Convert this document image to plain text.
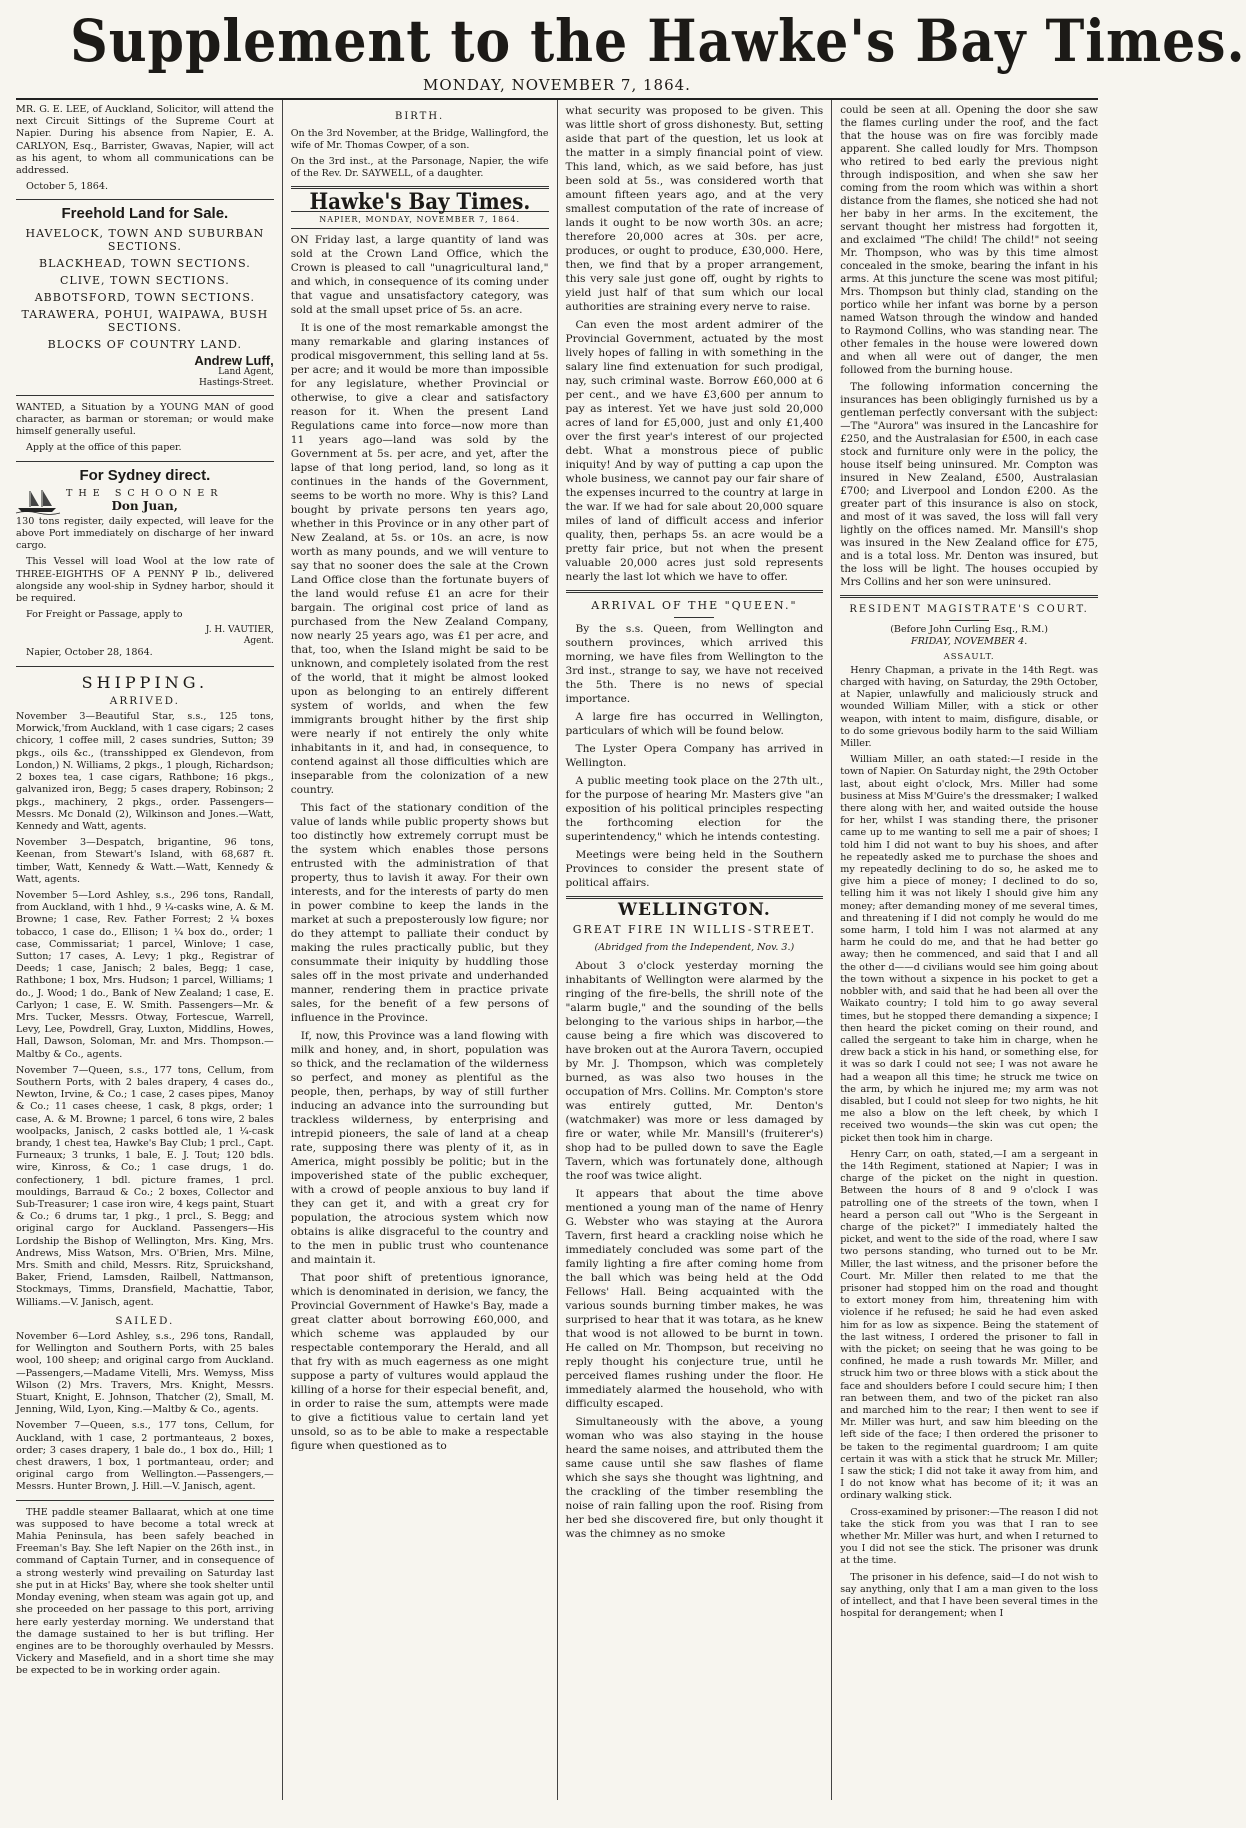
Supplement to the Hawke's Bay Times.
MONDAY, NOVEMBER 7, 1864.

MR. G. E. LEE, of Auckland, Solicitor, will attend the next Circuit Sittings of the Supreme Court at Napier. During his absence from Napier, E. A. CARLYON, Esq., Barrister, Gwavas, Napier, will act as his agent, to whom all communications can be addressed.

October 5, 1864.

Freehold Land for Sale.
HAVELOCK, TOWN AND SUBURBAN SECTIONS.
BLACKHEAD, TOWN SECTIONS.
CLIVE, TOWN SECTIONS.
ABBOTSFORD, TOWN SECTIONS.
TARAWERA, POHUI, WAIPAWA, BUSH SECTIONS.
BLOCKS OF COUNTRY LAND.
Andrew Luff,
Land Agent,
Hastings-Street.

WANTED, a Situation by a YOUNG MAN of good character, as barman or storeman; or would make himself generally useful.

Apply at the office of this paper.

For Sydney direct.
THE SCHOONER
Don Juan,

130 tons register, daily expected, will leave for the above Port immediately on discharge of her inward cargo.

This Vessel will load Wool at the low rate of THREE-EIGHTHS OF A PENNY ₽ lb., delivered alongside any wool-ship in Sydney harbor, should it be required.

For Freight or Passage, apply to

J. H. VAUTIER,
Agent.

Napier, October 28, 1864.

SHIPPING.
ARRIVED.

November 3—Beautiful Star, s.s., 125 tons, Morwick,'from Auckland, with 1 case cigars; 2 cases chicory, 1 coffee mill, 2 cases sundries, Sutton; 39 pkgs., oils &c., (transshipped ex Glendevon, from London,) N. Williams, 2 pkgs., 1 plough, Richardson; 2 boxes tea, 1 case cigars, Rathbone; 16 pkgs., galvanized iron, Begg; 5 cases drapery, Robinson; 2 pkgs., machinery, 2 pkgs., order. Passengers—Messrs. Mc Donald (2), Wilkinson and Jones.—Watt, Kennedy and Watt, agents.

November 3—Despatch, brigantine, 96 tons, Keenan, from Stewart's Island, with 68,687 ft. timber, Watt, Kennedy & Watt.—Watt, Kennedy & Watt, agents.

November 5—Lord Ashley, s.s., 296 tons, Randall, from Auckland, with 1 hhd., 9 ¼-casks wine, A. & M. Browne; 1 case, Rev. Father Forrest; 2 ¼ boxes tobacco, 1 case do., Ellison; 1 ¼ box do., order; 1 case, Commissariat; 1 parcel, Winlove; 1 case, Sutton; 17 cases, A. Levy; 1 pkg., Registrar of Deeds; 1 case, Janisch; 2 bales, Begg; 1 case, Rathbone; 1 box, Mrs. Hudson; 1 parcel, Williams; 1 do., J. Wood; 1 do., Bank of New Zealand; 1 case, E. Carlyon; 1 case, E. W. Smith. Passengers—Mr. & Mrs. Tucker, Messrs. Otway, Fortescue, Warrell, Levy, Lee, Powdrell, Gray, Luxton, Middlins, Howes, Hall, Dawson, Soloman, Mr. and Mrs. Thompson.—Maltby & Co., agents.

November 7—Queen, s.s., 177 tons, Cellum, from Southern Ports, with 2 bales drapery, 4 cases do., Newton, Irvine, & Co.; 1 case, 2 cases pipes, Manoy & Co.; 11 cases cheese, 1 cask, 8 pkgs, order; 1 case, A. & M. Browne; 1 parcel, 6 tons wire, 2 bales woolpacks, Janisch, 2 casks bottled ale, 1 ¼-cask brandy, 1 chest tea, Hawke's Bay Club; 1 prcl., Capt. Furneaux; 3 trunks, 1 bale, E. J. Tout; 120 bdls. wire, Kinross, & Co.; 1 case drugs, 1 do. confectionery, 1 bdl. picture frames, 1 prcl. mouldings, Barraud & Co.; 2 boxes, Collector and Sub-Treasurer; 1 case iron wire, 4 kegs paint, Stuart & Co.; 6 drums tar, 1 pkg., 1 prcl., S. Begg; and original cargo for Auckland. Passengers—His Lordship the Bishop of Wellington, Mrs. King, Mrs. Andrews, Miss Watson, Mrs. O'Brien, Mrs. Milne, Mrs. Smith and child, Messrs. Ritz, Spruickshand, Baker, Friend, Lamsden, Railbell, Nattmanson, Stockmays, Timms, Dransfield, Machattie, Tabor, Williams.—V. Janisch, agent.

SAILED.

November 6—Lord Ashley, s.s., 296 tons, Randall, for Wellington and Southern Ports, with 25 bales wool, 100 sheep; and original cargo from Auckland.—Passengers,—Madame Vitelli, Mrs. Wemyss, Miss Wilson (2) Mrs. Travers, Mrs. Knight, Messrs. Stuart, Knight, E. Johnson, Thatcher (2), Small, M. Jenning, Wild, Lyon, King.—Maltby & Co., agents.

November 7—Queen, s.s., 177 tons, Cellum, for Auckland, with 1 case, 2 portmanteaus, 2 boxes, order; 3 cases drapery, 1 bale do., 1 box do., Hill; 1 chest drawers, 1 box, 1 portmanteau, order; and original cargo from Wellington.—Passengers,—Messrs. Hunter Brown, J. Hill.—V. Janisch, agent.

THE paddle steamer Ballaarat, which at one time was supposed to have become a total wreck at Mahia Peninsula, has been safely beached in Freeman's Bay. She left Napier on the 26th inst., in command of Captain Turner, and in consequence of a strong westerly wind prevailing on Saturday last she put in at Hicks' Bay, where she took shelter until Monday evening, when steam was again got up, and she proceeded on her passage to this port, arriving here early yesterday morning. We understand that the damage sustained to her is but trifling. Her engines are to be thoroughly overhauled by Messrs. Vickery and Masefield, and in a short time she may be expected to be in working order again.

BIRTH.

On the 3rd November, at the Bridge, Wallingford, the wife of Mr. Thomas Cowper, of a son.

On the 3rd inst., at the Parsonage, Napier, the wife of the Rev. Dr. SAYWELL, of a daughter.

Hawke's Bay Times.
NAPIER, MONDAY, NOVEMBER 7, 1864.

ON Friday last, a large quantity of land was sold at the Crown Land Office, which the Crown is pleased to call "unagricultural land," and which, in consequence of its coming under that vague and unsatisfactory category, was sold at the small upset price of 5s. an acre.

It is one of the most remarkable amongst the many remarkable and glaring instances of prodical misgovernment, this selling land at 5s. per acre; and it would be more than impossible for any legislature, whether Provincial or otherwise, to give a clear and satisfactory reason for it. When the present Land Regulations came into force—now more than 11 years ago—land was sold by the Government at 5s. per acre, and yet, after the lapse of that long period, land, so long as it continues in the hands of the Government, seems to be worth no more. Why is this? Land bought by private persons ten years ago, whether in this Province or in any other part of New Zealand, at 5s. or 10s. an acre, is now worth as many pounds, and we will venture to say that no sooner does the sale at the Crown Land Office close than the fortunate buyers of the land would refuse £1 an acre for their bargain. The original cost price of land as purchased from the New Zealand Company, now nearly 25 years ago, was £1 per acre, and that, too, when the Island might be said to be unknown, and completely isolated from the rest of the world, that it might be almost looked upon as belonging to an entirely different system of worlds, and when the few immigrants brought hither by the first ship were nearly if not entirely the only white inhabitants in it, and had, in consequence, to contend against all those difficulties which are inseparable from the colonization of a new country.

This fact of the stationary condition of the value of lands while public property shows but too distinctly how extremely corrupt must be the system which enables those persons entrusted with the administration of that property, thus to lavish it away. For their own interests, and for the interests of party do men in power combine to keep the lands in the market at such a preposterously low figure; nor do they attempt to palliate their conduct by making the rules practically public, but they consummate their iniquity by huddling those sales off in the most private and underhanded manner, rendering them in practice private sales, for the benefit of a few persons of influence in the Province.

If, now, this Province was a land flowing with milk and honey, and, in short, population was so thick, and the reclamation of the wilderness so perfect, and money as plentiful as the people, then, perhaps, by way of still further inducing an advance into the surrounding but trackless wilderness, by enterprising and intrepid pioneers, the sale of land at a cheap rate, supposing there was plenty of it, as in America, might possibly be politic; but in the impoverished state of the public exchequer, with a crowd of people anxious to buy land if they can get it, and with a great cry for population, the atrocious system which now obtains is alike disgraceful to the country and to the men in public trust who countenance and maintain it.

That poor shift of pretentious ignorance, which is denominated in derision, we fancy, the Provincial Government of Hawke's Bay, made a great clatter about borrowing £60,000, and which scheme was applauded by our respectable contemporary the Herald, and all that fry with as much eagerness as one might suppose a party of vultures would applaud the killing of a horse for their especial benefit, and, in order to raise the sum, attempts were made to give a fictitious value to certain land yet unsold, so as to be able to make a respectable figure when questioned as to

what security was proposed to be given. This was little short of gross dishonesty. But, setting aside that part of the question, let us look at the matter in a simply financial point of view. This land, which, as we said before, has just been sold at 5s., was considered worth that amount fifteen years ago, and at the very smallest computation of the rate of increase of lands it ought to be now worth 30s. an acre; therefore 20,000 acres at 30s. per acre, produces, or ought to produce, £30,000. Here, then, we find that by a proper arrangement, this very sale just gone off, ought by rights to yield just half of that sum which our local authorities are straining every nerve to raise.

Can even the most ardent admirer of the Provincial Government, actuated by the most lively hopes of falling in with something in the salary line find extenuation for such prodigal, nay, such criminal waste. Borrow £60,000 at 6 per cent., and we have £3,600 per annum to pay as interest. Yet we have just sold 20,000 acres of land for £5,000, just and only £1,400 over the first year's interest of our projected debt. What a monstrous piece of public iniquity! And by way of putting a cap upon the whole business, we cannot pay our fair share of the expenses incurred to the country at large in the war. If we had for sale about 20,000 square miles of land of difficult access and inferior quality, then, perhaps 5s. an acre would be a pretty fair price, but not when the present valuable 20,000 acres just sold represents nearly the last lot which we have to offer.

ARRIVAL OF THE "QUEEN."

By the s.s. Queen, from Wellington and southern provinces, which arrived this morning, we have files from Wellington to the 3rd inst., strange to say, we have not received the 5th. There is no news of special importance.

A large fire has occurred in Wellington, particulars of which will be found below.

The Lyster Opera Company has arrived in Wellington.

A public meeting took place on the 27th ult., for the purpose of hearing Mr. Masters give "an exposition of his political principles respecting the forthcoming election for the superintendency," which he intends contesting.

Meetings were being held in the Southern Provinces to consider the present state of political affairs.

WELLINGTON.
GREAT FIRE IN WILLIS-STREET.
(Abridged from the Independent, Nov. 3.)

About 3 o'clock yesterday morning the inhabitants of Wellington were alarmed by the ringing of the fire-bells, the shrill note of the "alarm bugle," and the sounding of the bells belonging to the various ships in harbor,—the cause being a fire which was discovered to have broken out at the Aurora Tavern, occupied by Mr. J. Thompson, which was completely burned, as was also two houses in the occupation of Mrs. Collins. Mr. Compton's store was entirely gutted, Mr. Denton's (watchmaker) was more or less damaged by fire or water, while Mr. Mansill's (fruiterer's) shop had to be pulled down to save the Eagle Tavern, which was fortunately done, although the roof was twice alight.

It appears that about the time above mentioned a young man of the name of Henry G. Webster who was staying at the Aurora Tavern, first heard a crackling noise which he immediately concluded was some part of the family lighting a fire after coming home from the ball which was being held at the Odd Fellows' Hall. Being acquainted with the various sounds burning timber makes, he was surprised to hear that it was totara, as he knew that wood is not allowed to be burnt in town. He called on Mr. Thompson, but receiving no reply thought his conjecture true, until he perceived flames rushing under the floor. He immediately alarmed the household, who with difficulty escaped.

Simultaneously with the above, a young woman who was also staying in the house heard the same noises, and attributed them the same cause until she saw flashes of flame which she says she thought was lightning, and the crackling of the timber resembling the noise of rain falling upon the roof. Rising from her bed she discovered fire, but only thought it was the chimney as no smoke

could be seen at all. Opening the door she saw the flames curling under the roof, and the fact that the house was on fire was forcibly made apparent. She called loudly for Mrs. Thompson who retired to bed early the previous night through indisposition, and when she saw her coming from the room which was within a short distance from the flames, she noticed she had not her baby in her arms. In the excitement, the servant thought her mistress had forgotten it, and exclaimed "The child! The child!" not seeing Mr. Thompson, who was by this time almost concealed in the smoke, bearing the infant in his arms. At this juncture the scene was most pitiful; Mrs. Thompson but thinly clad, standing on the portico while her infant was borne by a person named Watson through the window and handed to Raymond Collins, who was standing near. The other females in the house were lowered down and when all were out of danger, the men followed from the burning house.

The following information concerning the insurances has been obligingly furnished us by a gentleman perfectly conversant with the subject:—The "Aurora" was insured in the Lancashire for £250, and the Australasian for £500, in each case stock and furniture only were in the policy, the house itself being uninsured. Mr. Compton was insured in New Zealand, £500, Australasian £700; and Liverpool and London £200. As the greater part of this insurance is also on stock, and most of it was saved, the loss will fall very lightly on the offices named. Mr. Mansill's shop was insured in the New Zealand office for £75, and is a total loss. Mr. Denton was insured, but the loss will be light. The houses occupied by Mrs Collins and her son were uninsured.

RESIDENT MAGISTRATE'S COURT.
(Before John Curling Esq., R.M.)
FRIDAY, NOVEMBER 4.
ASSAULT.

Henry Chapman, a private in the 14th Regt. was charged with having, on Saturday, the 29th October, at Napier, unlawfully and maliciously struck and wounded William Miller, with a stick or other weapon, with intent to maim, disfigure, disable, or to do some grievous bodily harm to the said William Miller.

William Miller, an oath stated:—I reside in the town of Napier. On Saturday night, the 29th October last, about eight o'clock, Mrs. Miller had some business at Miss M'Guire's the dressmaker; I walked there along with her, and waited outside the house for her, whilst I was standing there, the prisoner came up to me wanting to sell me a pair of shoes; I told him I did not want to buy his shoes, and after he repeatedly asked me to purchase the shoes and my repeatedly declining to do so, he asked me to give him a piece of money; I declined to do so, telling him it was not likely I should give him any money; after demanding money of me several times, and threatening if I did not comply he would do me some harm, I told him I was not alarmed at any harm he could do me, and that he had better go away; then he commenced, and said that I and all the other d——d civilians would see him going about the town without a sixpence in his pocket to get a nobbler with, and said that he had been all over the Waikato country; I told him to go away several times, but he stopped there demanding a sixpence; I then heard the picket coming on their round, and called the sergeant to take him in charge, when he drew back a stick in his hand, or something else, for it was so dark I could not see; I was not aware he had a weapon all this time; he struck me twice on the arm, by which he injured me; my arm was not disabled, but I could not sleep for two nights, he hit me also a blow on the left cheek, by which I received two wounds—the skin was cut open; the picket then took him in charge.

Henry Carr, on oath, stated,—I am a sergeant in the 14th Regiment, stationed at Napier; I was in charge of the picket on the night in question. Between the hours of 8 and 9 o'clock I was patrolling one of the streets of the town, when I heard a person call out "Who is the Sergeant in charge of the picket?" I immediately halted the picket, and went to the side of the road, where I saw two persons standing, who turned out to be Mr. Miller, the last witness, and the prisoner before the Court. Mr. Miller then related to me that the prisoner had stopped him on the road and thought to extort money from him, threatening him with violence if he refused; he said he had even asked him for as low as sixpence. Being the statement of the last witness, I ordered the prisoner to fall in with the picket; on seeing that he was going to be confined, he made a rush towards Mr. Miller, and struck him two or three blows with a stick about the face and shoulders before I could secure him; I then ran between them, and two of the picket ran also and marched him to the rear; I then went to see if Mr. Miller was hurt, and saw him bleeding on the left side of the face; I then ordered the prisoner to be taken to the regimental guardroom; I am quite certain it was with a stick that he struck Mr. Miller; I saw the stick; I did not take it away from him, and I do not know what has become of it; it was an ordinary walking stick.

Cross-examined by prisoner:—The reason I did not take the stick from you was that I ran to see whether Mr. Miller was hurt, and when I returned to you I did not see the stick. The prisoner was drunk at the time.

The prisoner in his defence, said—I do not wish to say anything, only that I am a man given to the loss of intellect, and that I have been several times in the hospital for derangement; when I
